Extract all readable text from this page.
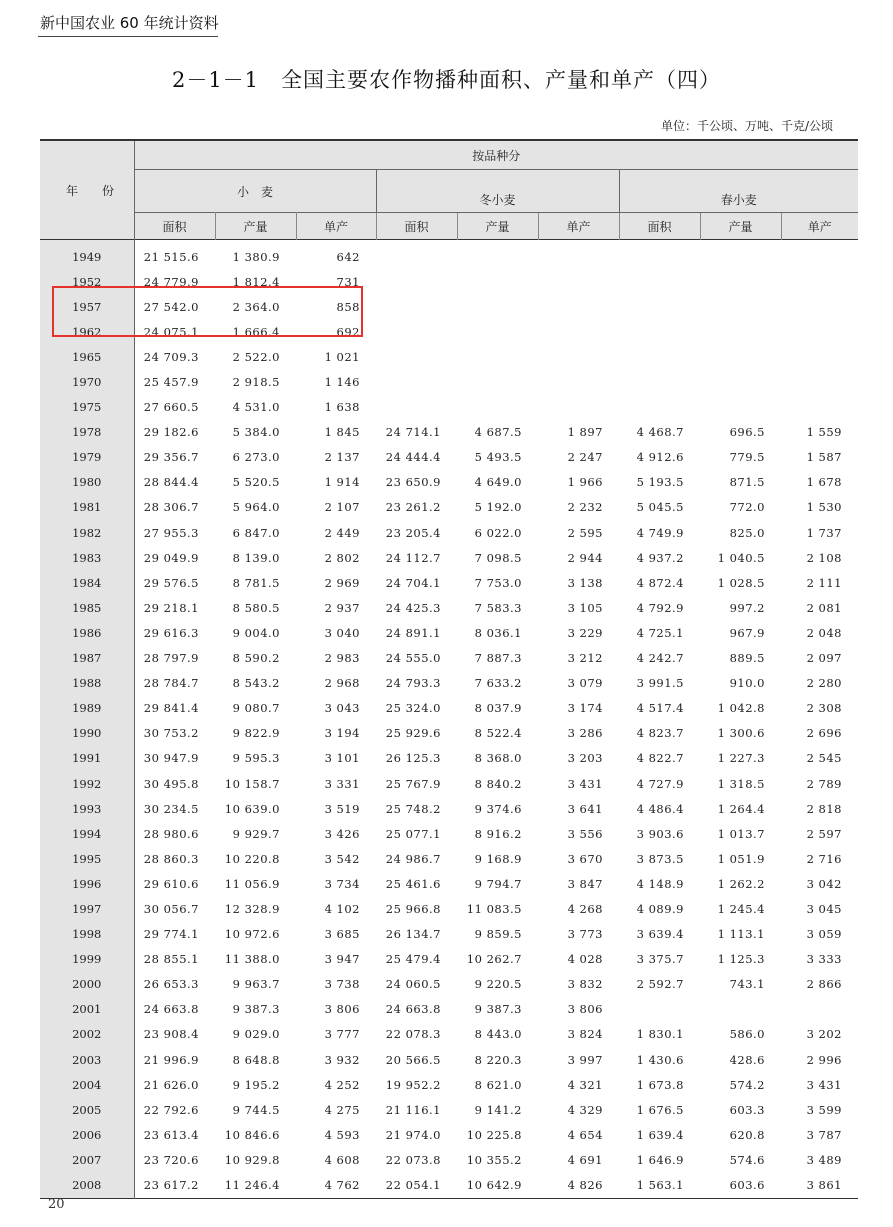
新中国农业 60 年统计资料
2－1－1　全国主要农作物播种面积、产量和单产（四）
单位：千公顷、万吨、千克/公顷
年　份	按品种分								
	小　麦			冬小麦			春小麦		
	面积	产量	单产	面积	产量	单产	面积	产量	单产
1949	21 515.6	1 380.9	642						
1952	24 779.9	1 812.4	731						
1957	27 542.0	2 364.0	858						
1962	24 075.1	1 666.4	692						
1965	24 709.3	2 522.0	1 021						
1970	25 457.9	2 918.5	1 146						
1975	27 660.5	4 531.0	1 638						
1978	29 182.6	5 384.0	1 845	24 714.1	4 687.5	1 897	4 468.7	696.5	1 559
1979	29 356.7	6 273.0	2 137	24 444.4	5 493.5	2 247	4 912.6	779.5	1 587
1980	28 844.4	5 520.5	1 914	23 650.9	4 649.0	1 966	5 193.5	871.5	1 678
1981	28 306.7	5 964.0	2 107	23 261.2	5 192.0	2 232	5 045.5	772.0	1 530
1982	27 955.3	6 847.0	2 449	23 205.4	6 022.0	2 595	4 749.9	825.0	1 737
1983	29 049.9	8 139.0	2 802	24 112.7	7 098.5	2 944	4 937.2	1 040.5	2 108
1984	29 576.5	8 781.5	2 969	24 704.1	7 753.0	3 138	4 872.4	1 028.5	2 111
1985	29 218.1	8 580.5	2 937	24 425.3	7 583.3	3 105	4 792.9	997.2	2 081
1986	29 616.3	9 004.0	3 040	24 891.1	8 036.1	3 229	4 725.1	967.9	2 048
1987	28 797.9	8 590.2	2 983	24 555.0	7 887.3	3 212	4 242.7	889.5	2 097
1988	28 784.7	8 543.2	2 968	24 793.3	7 633.2	3 079	3 991.5	910.0	2 280
1989	29 841.4	9 080.7	3 043	25 324.0	8 037.9	3 174	4 517.4	1 042.8	2 308
1990	30 753.2	9 822.9	3 194	25 929.6	8 522.4	3 286	4 823.7	1 300.6	2 696
1991	30 947.9	9 595.3	3 101	26 125.3	8 368.0	3 203	4 822.7	1 227.3	2 545
1992	30 495.8	10 158.7	3 331	25 767.9	8 840.2	3 431	4 727.9	1 318.5	2 789
1993	30 234.5	10 639.0	3 519	25 748.2	9 374.6	3 641	4 486.4	1 264.4	2 818
1994	28 980.6	9 929.7	3 426	25 077.1	8 916.2	3 556	3 903.6	1 013.7	2 597
1995	28 860.3	10 220.8	3 542	24 986.7	9 168.9	3 670	3 873.5	1 051.9	2 716
1996	29 610.6	11 056.9	3 734	25 461.6	9 794.7	3 847	4 148.9	1 262.2	3 042
1997	30 056.7	12 328.9	4 102	25 966.8	11 083.5	4 268	4 089.9	1 245.4	3 045
1998	29 774.1	10 972.6	3 685	26 134.7	9 859.5	3 773	3 639.4	1 113.1	3 059
1999	28 855.1	11 388.0	3 947	25 479.4	10 262.7	4 028	3 375.7	1 125.3	3 333
2000	26 653.3	9 963.7	3 738	24 060.5	9 220.5	3 832	2 592.7	743.1	2 866
2001	24 663.8	9 387.3	3 806	24 663.8	9 387.3	3 806			
2002	23 908.4	9 029.0	3 777	22 078.3	8 443.0	3 824	1 830.1	586.0	3 202
2003	21 996.9	8 648.8	3 932	20 566.5	8 220.3	3 997	1 430.6	428.6	2 996
2004	21 626.0	9 195.2	4 252	19 952.2	8 621.0	4 321	1 673.8	574.2	3 431
2005	22 792.6	9 744.5	4 275	21 116.1	9 141.2	4 329	1 676.5	603.3	3 599
2006	23 613.4	10 846.6	4 593	21 974.0	10 225.8	4 654	1 639.4	620.8	3 787
2007	23 720.6	10 929.8	4 608	22 073.8	10 355.2	4 691	1 646.9	574.6	3 489
2008	23 617.2	11 246.4	4 762	22 054.1	10 642.9	4 826	1 563.1	603.6	3 861
20
